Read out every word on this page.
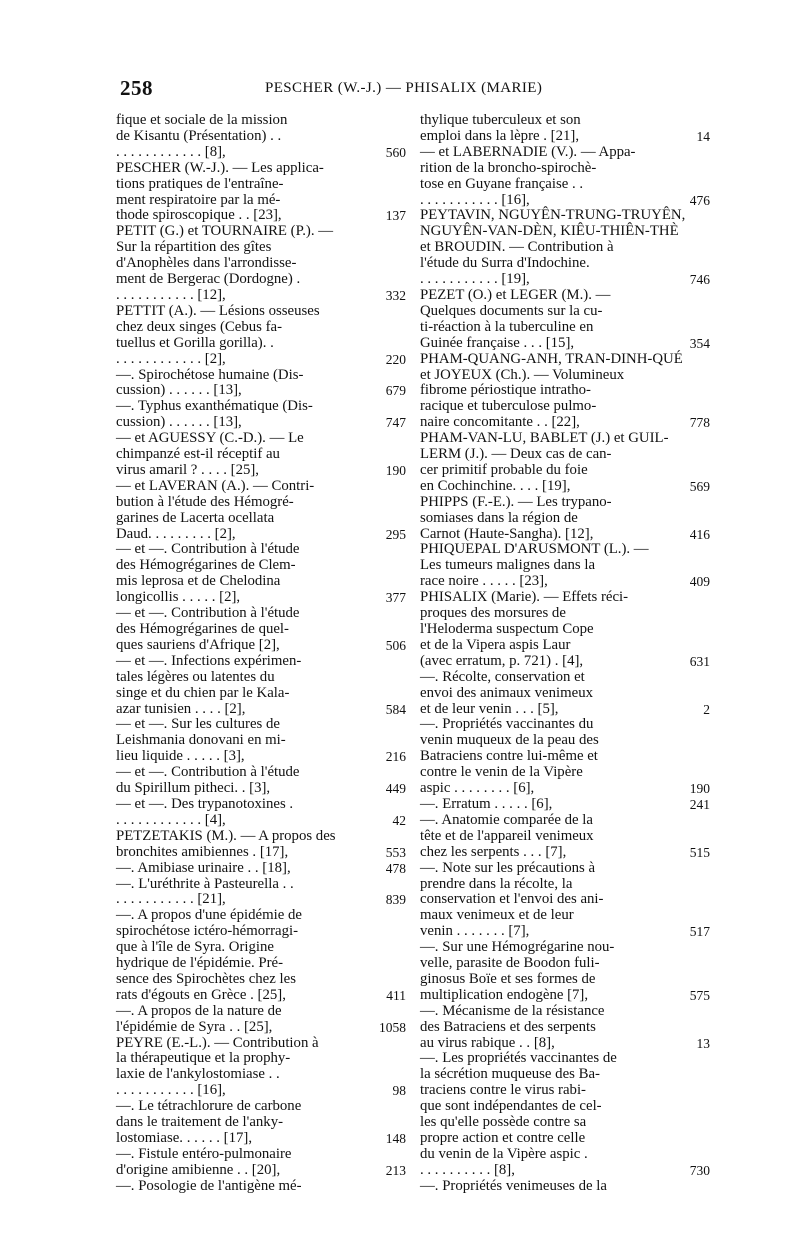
258	PESCHER (W.-J.) — PHISALIX (MARIE)
fique et sociale de la mission
de Kisantu (Présentation) . .
. . . . . . . . . . . . [8],	560
PESCHER (W.-J.). — Les applica-
tions pratiques de l'entraîne-
ment respiratoire par la mé-
thode spiroscopique . . [23],	137
PETIT (G.) et TOURNAIRE (P.). —
Sur la répartition des gîtes
d'Anophèles dans l'arrondisse-
ment de Bergerac (Dordogne) .
. . . . . . . . . . . [12],	332
PETTIT (A.). — Lésions osseuses
chez deux singes (Cebus fa-
tuellus et Gorilla gorilla). .
. . . . . . . . . . . . [2],	220
—. Spirochétose humaine (Dis-
cussion) . . . . . . [13],	679
—. Typhus exanthématique (Dis-
cussion) . . . . . . [13],	747
— et AGUESSY (C.-D.). — Le
chimpanzé est-il réceptif au
virus amaril ? . . . . [25],	190
— et LAVERAN (A.). — Contri-
bution à l'étude des Hémogré-
garines de Lacerta ocellata
Daud. . . . . . . . . [2],	295
— et —. Contribution à l'étude
des Hémogrégarines de Clem-
mis leprosa et de Chelodina
longicollis . . . . . [2],	377
— et —. Contribution à l'étude
des Hémogrégarines de quel-
ques sauriens d'Afrique [2],	506
— et —. Infections expérimen-
tales légères ou latentes du
singe et du chien par le Kala-
azar tunisien . . . . [2],	584
— et —. Sur les cultures de
Leishmania donovani en mi-
lieu liquide . . . . . [3],	216
— et —. Contribution à l'étude
du Spirillum pitheci. . [3],	449
— et —. Des trypanotoxines .
. . . . . . . . . . . . [4],	42
PETZETAKIS (M.). — A propos des
bronchites amibiennes . [17],	553
—. Amibiase urinaire . . [18],	478
—. L'uréthrite à Pasteurella . .
. . . . . . . . . . . [21],	839
—. A propos d'une épidémie de
spirochétose ictéro-hémorragi-
que à l'île de Syra. Origine
hydrique de l'épidémie. Pré-
sence des Spirochètes chez les
rats d'égouts en Grèce . [25],	411
—. A propos de la nature de
l'épidémie de Syra . . [25],	1058
PEYRE (E.-L.). — Contribution à
la thérapeutique et la prophy-
laxie de l'ankylostomiase . .
. . . . . . . . . . . [16],	98
—. Le tétrachlorure de carbone
dans le traitement de l'anky-
lostomiase. . . . . . [17],	148
—. Fistule entéro-pulmonaire
d'origine amibienne . . [20],	213
—. Posologie de l'antigène mé-
thylique tuberculeux et son
emploi dans la lèpre . [21],	14
— et LABERNADIE (V.). — Appa-
rition de la broncho-spirochè-
tose en Guyane française . .
. . . . . . . . . . . [16],	476
PEYTAVIN, NGUYÊN-TRUNG-TRUYÊN,
NGUYÊN-VAN-DÈN, KIÊU-THIÊN-THÈ
et BROUDIN. — Contribution à
l'étude du Surra d'Indochine.
. . . . . . . . . . . [19],	746
PEZET (O.) et LEGER (M.). —
Quelques documents sur la cu-
ti-réaction à la tuberculine en
Guinée française . . . [15],	354
PHAM-QUANG-ANH, TRAN-DINH-QUÉ
et JOYEUX (Ch.). — Volumineux
fibrome périostique intratho-
racique et tuberculose pulmo-
naire concomitante . . [22],	778
PHAM-VAN-LU, BABLET (J.) et GUIL-
LERM (J.). — Deux cas de can-
cer primitif probable du foie
en Cochinchine. . . . [19],	569
PHIPPS (F.-E.). — Les trypano-
somiases dans la région de
Carnot (Haute-Sangha). [12],	416
PHIQUEPAL D'ARUSMONT (L.). —
Les tumeurs malignes dans la
race noire . . . . . [23],	409
PHISALIX (Marie). — Effets réci-
proques des morsures de
l'Heloderma suspectum Cope
et de la Vipera aspis Laur
(avec erratum, p. 721) . [4],	631
—. Récolte, conservation et
envoi des animaux venimeux
et de leur venin . . . [5],	2
—. Propriétés vaccinantes du
venin muqueux de la peau des
Batraciens contre lui-même et
contre le venin de la Vipère
aspic . . . . . . . . [6],	190
—. Erratum . . . . . [6],	241
—. Anatomie comparée de la
tête et de l'appareil venimeux
chez les serpents . . . [7],	515
—. Note sur les précautions à
prendre dans la récolte, la
conservation et l'envoi des ani-
maux venimeux et de leur
venin . . . . . . . [7],	517
—. Sur une Hémogrégarine nou-
velle, parasite de Boodon fuli-
ginosus Boïe et ses formes de
multiplication endogène [7],	575
—. Mécanisme de la résistance
des Batraciens et des serpents
au virus rabique . . [8],	13
—. Les propriétés vaccinantes de
la sécrétion muqueuse des Ba-
traciens contre le virus rabi-
que sont indépendantes de cel-
les qu'elle possède contre sa
propre action et contre celle
du venin de la Vipère aspic .
. . . . . . . . . . [8],	730
—. Propriétés venimeuses de la
